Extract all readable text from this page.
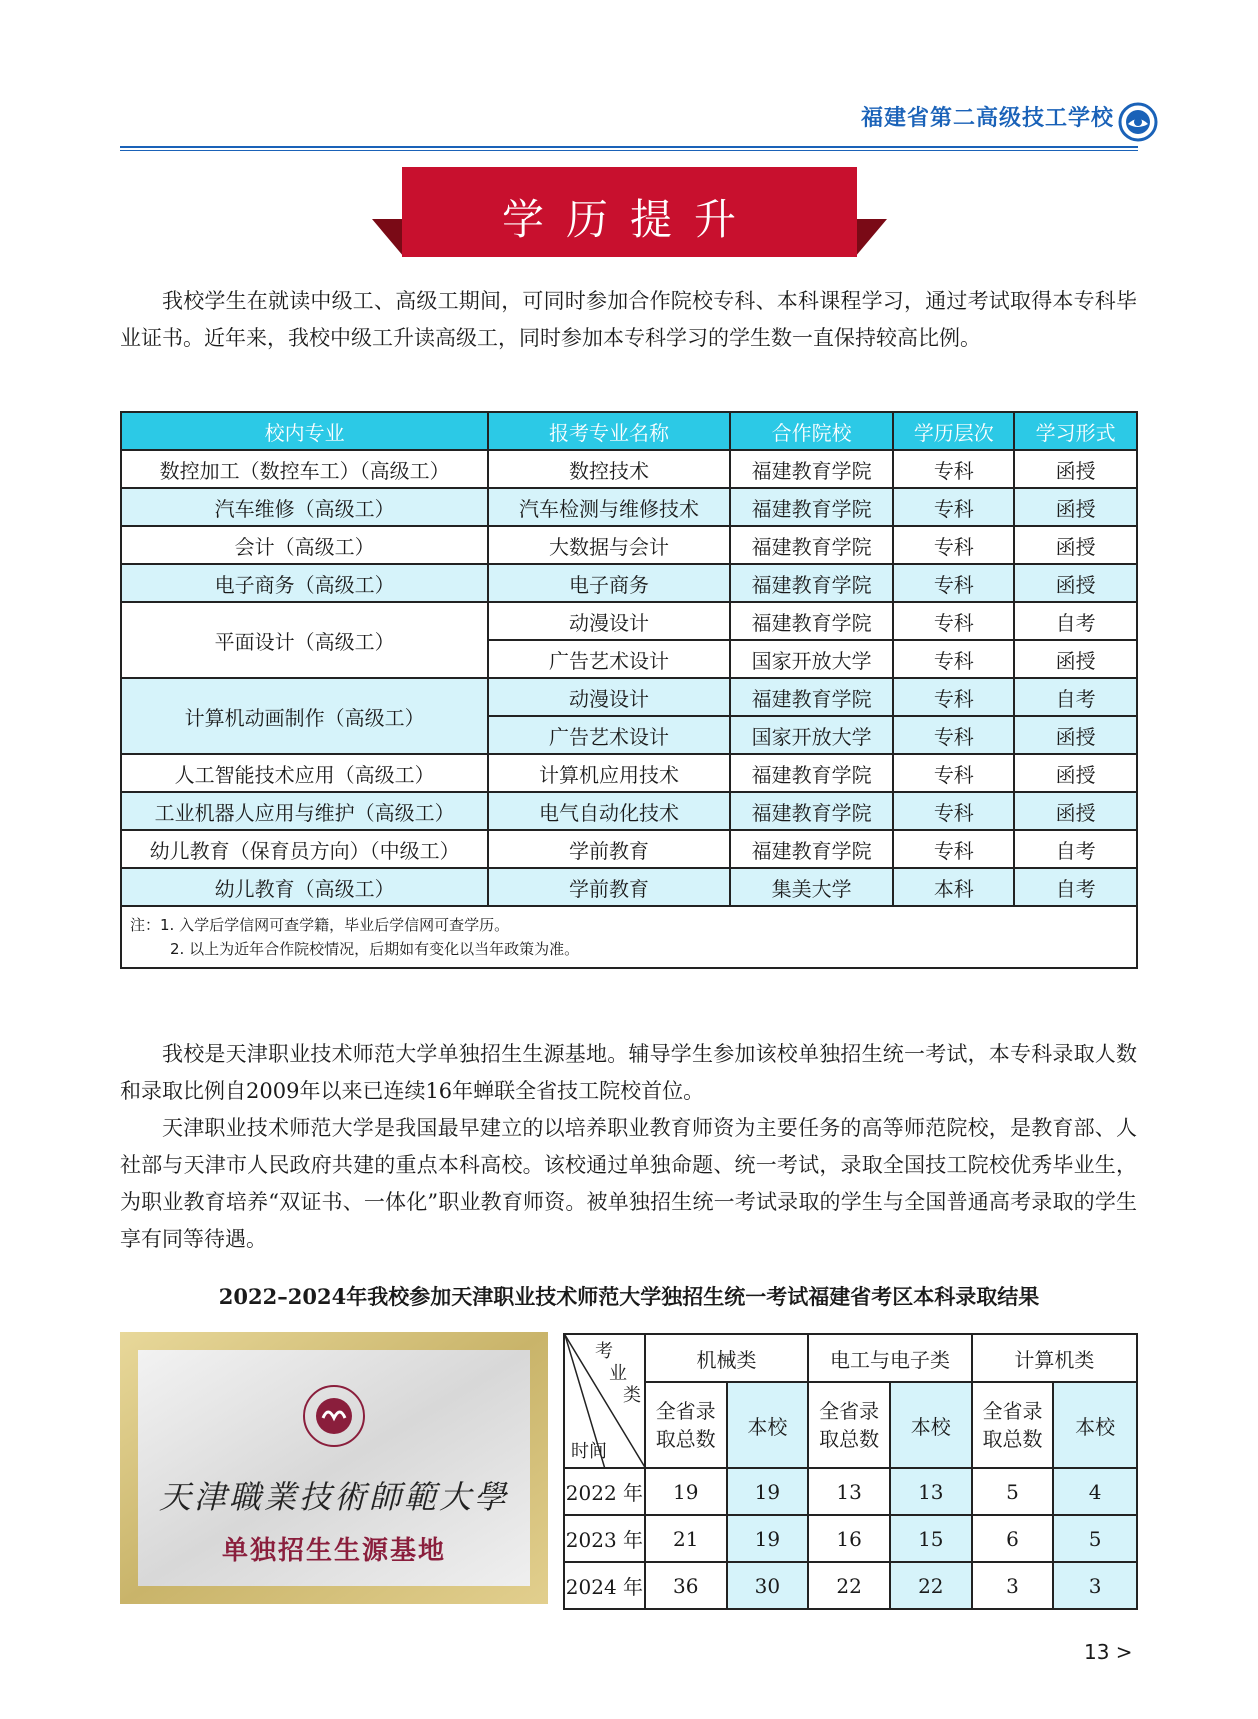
福建省第二高级技工学校
学历提升
我校学生在就读中级工、高级工期间，可同时参加合作院校专科、本科课程学习，通过考试取得本专科毕业证书。近年来，我校中级工升读高级工，同时参加本专科学习的学生数一直保持较高比例。
校内专业	报考专业名称	合作院校	学历层次	学习形式
数控加工（数控车工）（高级工）	数控技术	福建教育学院	专科	函授
汽车维修（高级工）	汽车检测与维修技术	福建教育学院	专科	函授
会计（高级工）	大数据与会计	福建教育学院	专科	函授
电子商务（高级工）	电子商务	福建教育学院	专科	函授
平面设计（高级工）	动漫设计	福建教育学院	专科	自考
	广告艺术设计	国家开放大学	专科	函授
计算机动画制作（高级工）	动漫设计	福建教育学院	专科	自考
	广告艺术设计	国家开放大学	专科	函授
人工智能技术应用（高级工）	计算机应用技术	福建教育学院	专科	函授
工业机器人应用与维护（高级工）	电气自动化技术	福建教育学院	专科	函授
幼儿教育（保育员方向）（中级工）	学前教育	福建教育学院	专科	自考
幼儿教育（高级工）	学前教育	集美大学	本科	自考

注：1. 入学后学信网可查学籍，毕业后学信网可查学历。
2. 以上为近年合作院校情况，后期如有变化以当年政策为准。				
我校是天津职业技术师范大学单独招生生源基地。辅导学生参加该校单独招生统一考试，本专科录取人数和录取比例自2009年以来已连续16年蝉联全省技工院校首位。
天津职业技术师范大学是我国最早建立的以培养职业教育师资为主要任务的高等师范院校，是教育部、人社部与天津市人民政府共建的重点本科高校。该校通过单独命题、统一考试，录取全国技工院校优秀毕业生，为职业教育培养“双证书、一体化”职业教育师资。被单独招生统一考试录取的学生与全国普通高考录取的学生享有同等待遇。
2022–2024年我校参加天津职业技术师范大学独招生统一考试福建省考区本科录取结果
天津職業技術師範大學
单独招生生源基地
考
业
类
时间	机械类		电工与电子类		计算机类	
	全省录取总数	本校	全省录取总数	本校	全省录取总数	本校
2022 年	19	19	13	13	5	4
2023 年	21	19	16	15	6	5
2024 年	36	30	22	22	3	3
13 >
